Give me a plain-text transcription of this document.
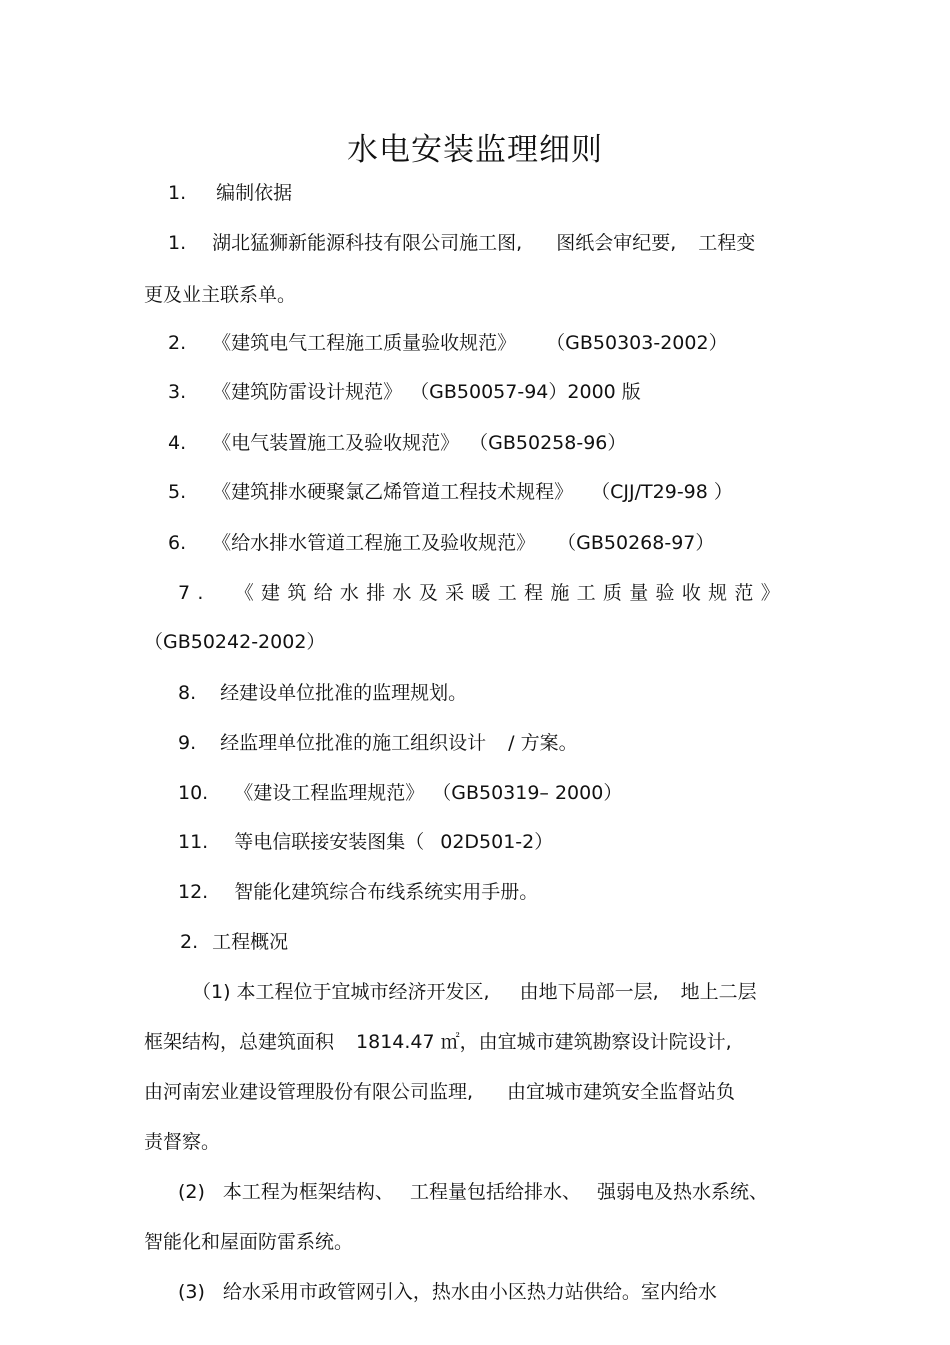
水电安装监理细则
1. 编制依据
1. 湖北猛狮新能源科技有限公司施工图, 图纸会审纪要, 工程变
更及业主联系单。
2. 《建筑电气工程施工质量验收规范》 （GB50303-2002）
3. 《建筑防雷设计规范》 （GB50057-94）2000 版
4. 《电气装置施工及验收规范》 （GB50258-96）
5. 《建筑排水硬聚氯乙烯管道工程技术规程》 （CJJ/T29-98 ）
6. 《给水排水管道工程施工及验收规范》 （GB50268-97）
7. 《建筑给水排水及采暖工程施工质量验收规范》
（GB50242-2002）
8. 经建设单位批准的监理规划。
9. 经监理单位批准的施工组织设计 / 方案。
10. 《建设工程监理规范》 （GB50319– 2000）
11. 等电信联接安装图集（ 02D501-2）
12. 智能化建筑综合布线系统实用手册。
2. 工程概况
（1) 本工程位于宜城市经济开发区, 由地下局部一层, 地上二层
框架结构，总建筑面积 1814.47 ㎡，由宜城市建筑勘察设计院设计,
由河南宏业建设管理股份有限公司监理, 由宜城市建筑安全监督站负
责督察。
(2) 本工程为框架结构、 工程量包括给排水、 强弱电及热水系统、
智能化和屋面防雷系统。
(3) 给水采用市政管网引入，热水由小区热力站供给。室内给水
